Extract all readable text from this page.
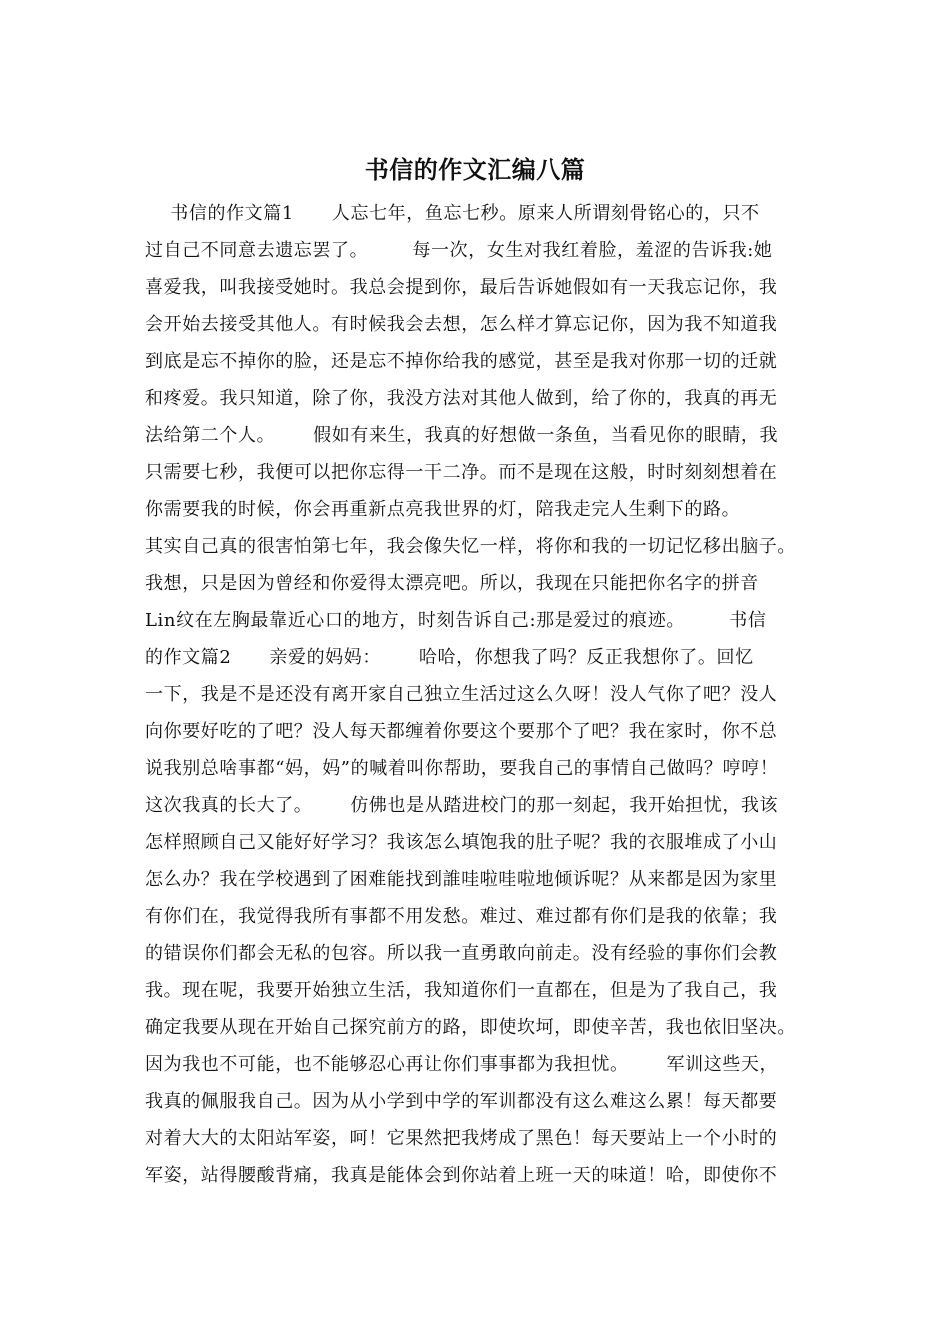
书信的作文汇编八篇
书信的作文篇1      人忘七年，鱼忘七秒。原来人所谓刻骨铭心的，只不
过自己不同意去遗忘罢了。       每一次，女生对我红着脸，羞涩的告诉我:她
喜爱我，叫我接受她时。我总会提到你，最后告诉她假如有一天我忘记你，我
会开始去接受其他人。有时候我会去想，怎么样才算忘记你，因为我不知道我
到底是忘不掉你的脸，还是忘不掉你给我的感觉，甚至是我对你那一切的迁就
和疼爱。我只知道，除了你，我没方法对其他人做到，给了你的，我真的再无
法给第二个人。      假如有来生，我真的好想做一条鱼，当看见你的眼睛，我
只需要七秒，我便可以把你忘得一干二净。而不是现在这般，时时刻刻想着在
你需要我的时候，你会再重新点亮我世界的灯，陪我走完人生剩下的路。
其实自己真的很害怕第七年，我会像失忆一样，将你和我的一切记忆移出脑子。
我想，只是因为曾经和你爱得太漂亮吧。所以，我现在只能把你名字的拼音
Lin纹在左胸最靠近心口的地方，时刻告诉自己:那是爱过的痕迹。       书信
的作文篇2      亲爱的妈妈：      哈哈，你想我了吗？反正我想你了。回忆
一下，我是不是还没有离开家自己独立生活过这么久呀！没人气你了吧？没人
向你要好吃的了吧？没人每天都缠着你要这个要那个了吧？我在家时，你不总
说我别总啥事都“妈，妈”的喊着叫你帮助，要我自己的事情自己做吗？哼哼！
这次我真的长大了。      仿佛也是从踏进校门的那一刻起，我开始担忧，我该
怎样照顾自己又能好好学习？我该怎么填饱我的肚子呢？我的衣服堆成了小山
怎么办？我在学校遇到了困难能找到誰哇啦哇啦地倾诉呢？从来都是因为家里
有你们在，我觉得我所有事都不用发愁。难过、难过都有你们是我的依靠；我
的错误你们都会无私的包容。所以我一直勇敢向前走。没有经验的事你们会教
我。现在呢，我要开始独立生活，我知道你们一直都在，但是为了我自己，我
确定我要从现在开始自己探究前方的路，即使坎坷，即使辛苦，我也依旧坚决。
因为我也不可能，也不能够忍心再让你们事事都为我担忧。      军训这些天，
我真的佩服我自己。因为从小学到中学的军训都没有这么难这么累！每天都要
对着大大的太阳站军姿，呵！它果然把我烤成了黑色！每天要站上一个小时的
军姿，站得腰酸背痛，我真是能体会到你站着上班一天的味道！哈，即使你不
